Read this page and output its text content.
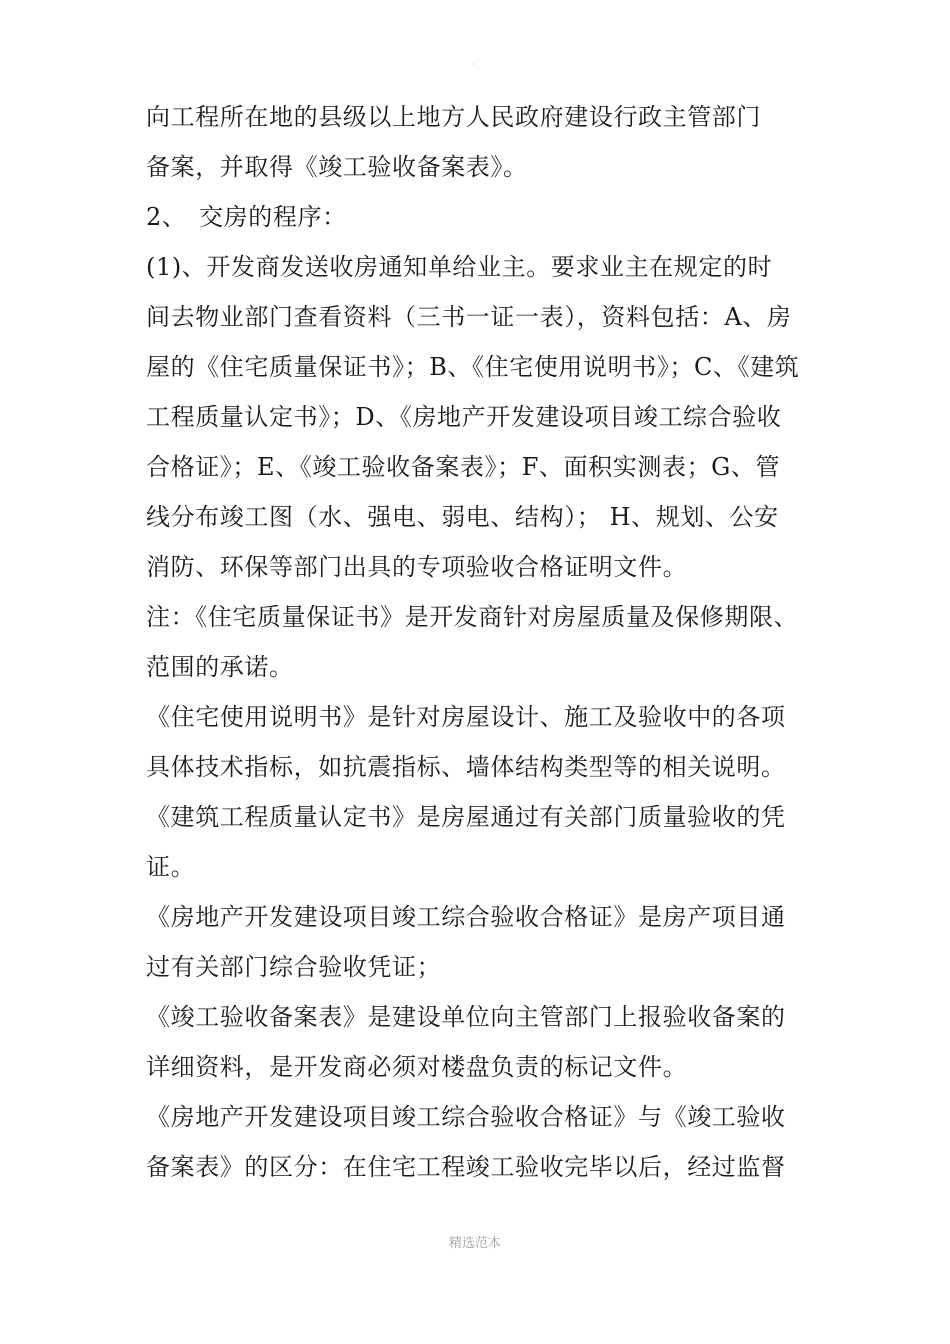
·
向工程所在地的县级以上地方人民政府建设行政主管部门
备案，并取得《竣工验收备案表》。
2、　交房的程序：
(1)、开发商发送收房通知单给业主。要求业主在规定的时
间去物业部门查看资料（三书一证一表），资料包括：A、房
屋的《住宅质量保证书》；B、《住宅使用说明书》；C、《建筑
工程质量认定书》；D、《房地产开发建设项目竣工综合验收
合格证》；E、《竣工验收备案表》；F、面积实测表；G、管
线分布竣工图（水、强电、弱电、结构）； H、规划、公安
消防、环保等部门出具的专项验收合格证明文件。
注：《住宅质量保证书》是开发商针对房屋质量及保修期限、
范围的承诺。
《住宅使用说明书》是针对房屋设计、施工及验收中的各项
具体技术指标，如抗震指标、墙体结构类型等的相关说明。
《建筑工程质量认定书》是房屋通过有关部门质量验收的凭
证。
《房地产开发建设项目竣工综合验收合格证》是房产项目通
过有关部门综合验收凭证；
《竣工验收备案表》是建设单位向主管部门上报验收备案的
详细资料，是开发商必须对楼盘负责的标记文件。
《房地产开发建设项目竣工综合验收合格证》与《竣工验收
备案表》的区分：在住宅工程竣工验收完毕以后，经过监督
精选范本
